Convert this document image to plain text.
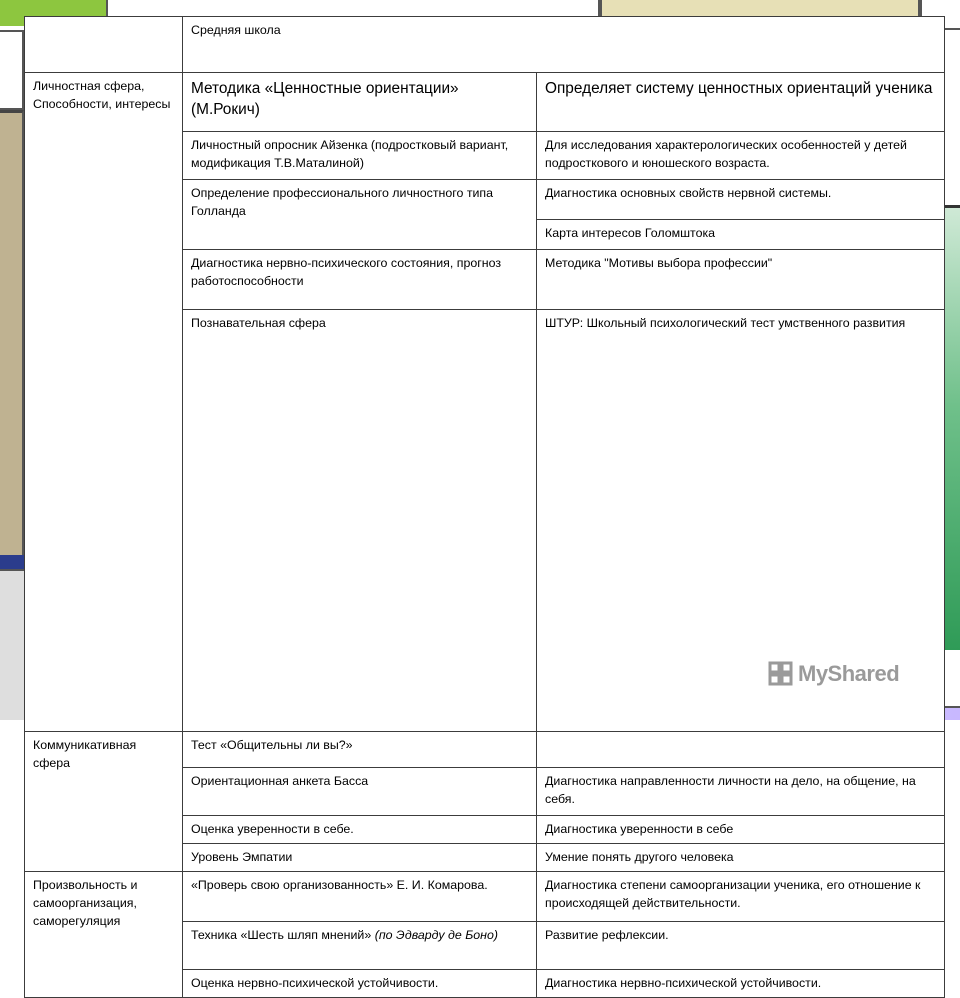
	Средняя школа		
Личностная сфера, Способности, интересы	Методика «Ценностные ориентации» (М.Рокич)	Определяет систему ценностных ориентаций ученика	
	Личностный опросник Айзенка (подростковый вариант, модификация Т.В.Маталиной)	Для исследования характерологических особенностей у детей подросткового и юношеского возраста.	
	Определение профессионального личностного типа Голланда	Диагностика основных свойств нервной системы.	
		Карта интересов Голомштока	
	Диагностика нервно-психического состояния, прогноз работоспособности	Методика "Мотивы выбора профессии"	
	Познавательная сфера	ШТУР: Школьный психологический тест умственного развития	
Коммуникативная сфера	Тест «Общительны ли вы?»		
	Ориентационная анкета Басса	Диагностика направленности личности на дело, на общение, на себя.	
	Оценка уверенности в себе.	Диагностика уверенности в себе	
	Уровень Эмпатии	Умение понять другого человека	
Произвольность и самоорганизация, саморегуляция	«Проверь свою организованность» Е. И. Комарова.	Диагностика степени самоорганизации ученика, его отношение к происходящей действительности.	
	Техника «Шесть шляп мнений» (по Эдварду де Боно)	Развитие рефлексии.	
	Оценка нервно-психической устойчивости.	Диагностика нервно-психической устойчивости.	
MyShared
